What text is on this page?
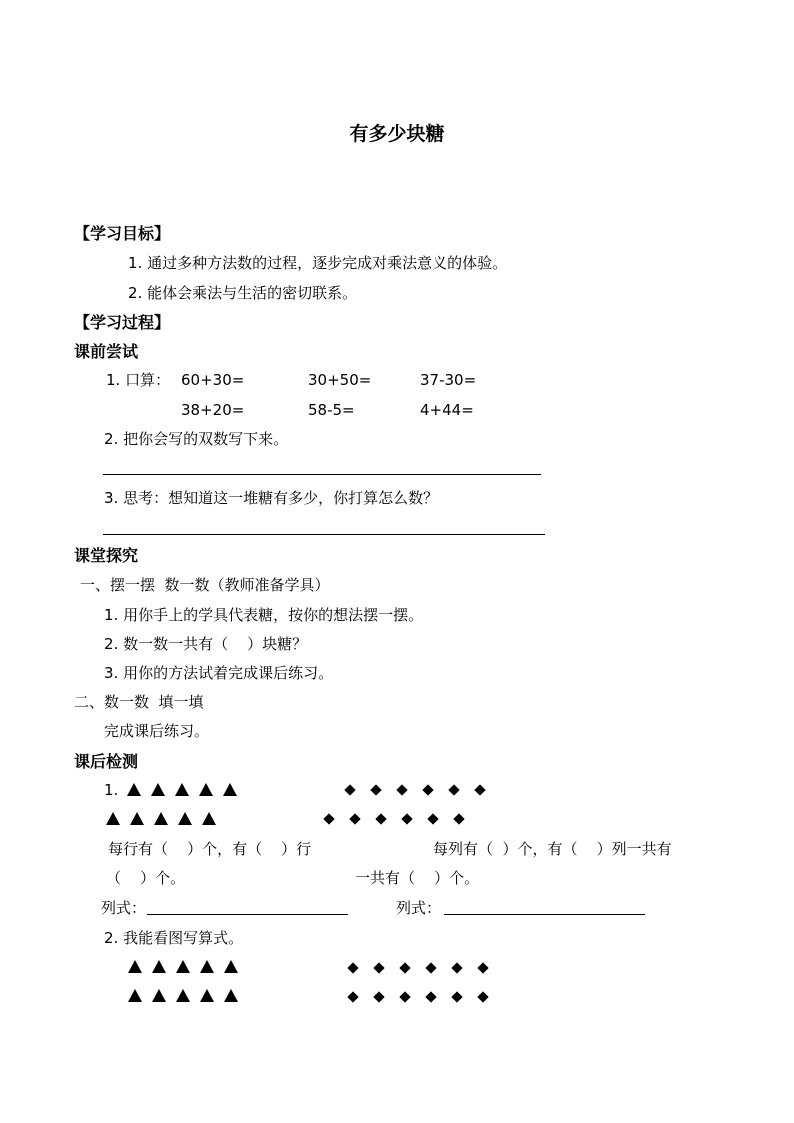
有多少块糖
【学习目标】
1. 通过多种方法数的过程，逐步完成对乘法意义的体验。
2. 能体会乘法与生活的密切联系。
【学习过程】
课前尝试
1. 口算： 60+30=	30+50=	37-30=
38+20=	58-5=	4+44=
2. 把你会写的双数写下来。
3. 思考：想知道这一堆糖有多少，你打算怎么数？
课堂探究
一、摆一摆  数一数（教师准备学具）
1. 用你手上的学具代表糖，按你的想法摆一摆。
2. 数一数一共有（    ）块糖？
3. 用你的方法试着完成课后练习。
二、数一数  填一填
完成课后练习。
课后检测
1.
每行有（    ）个，有（    ）行	每列有（  ）个，有（    ）列一共有
（    ）个。	一共有（    ）个。
列式：	列式：
2. 我能看图写算式。
